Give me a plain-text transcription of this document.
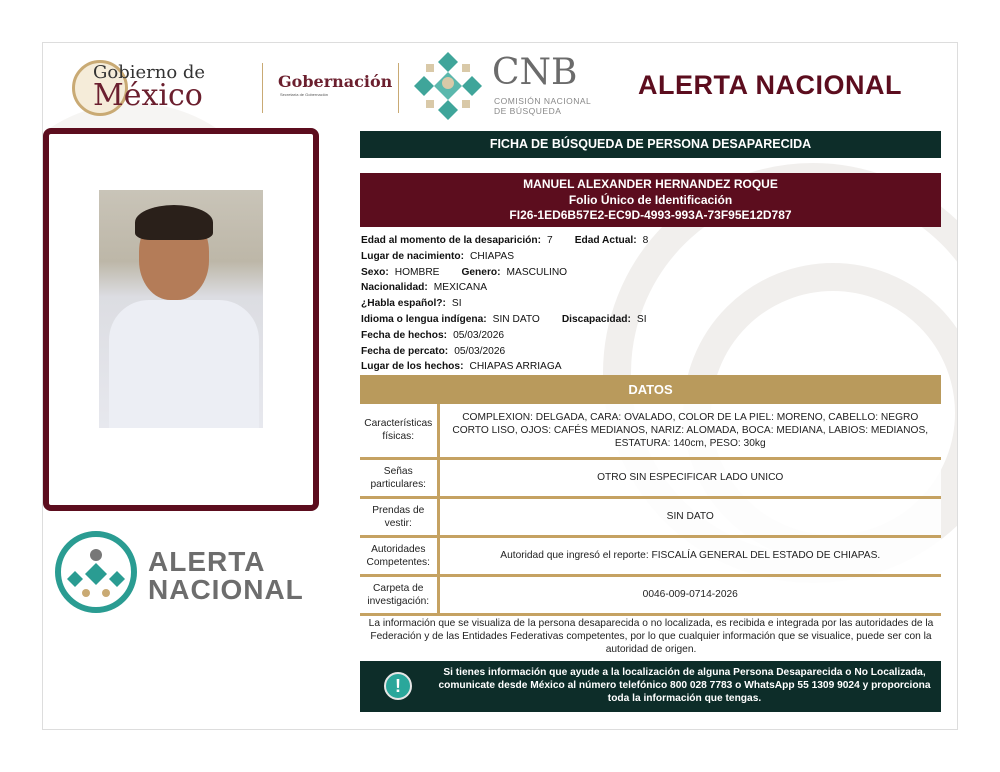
Gobierno de
México	Gobernación
Secretaría de Gobernación
CNB
COMISIÓN NACIONAL
DE BÚSQUEDA
ALERTA NACIONAL
ALERTA
NACIONAL
FICHA DE BÚSQUEDA DE PERSONA DESAPARECIDA
MANUEL ALEXANDER HERNANDEZ ROQUE
Folio Único de Identificación
FI26-1ED6B57E2-EC9D-4993-993A-73F95E12D787
Edad al momento de la desaparición: 7 Edad Actual: 8
Lugar de nacimiento: CHIAPAS
Sexo: HOMBRE Genero: MASCULINO
Nacionalidad: MEXICANA
¿Habla español?: SI
Idioma o lengua indígena: SIN DATO Discapacidad: SI
Fecha de hechos: 05/03/2026
Fecha de percato: 05/03/2026
Lugar de los hechos: CHIAPAS ARRIAGA
DATOS
Características físicas:	COMPLEXION: DELGADA, CARA: OVALADO, COLOR DE LA PIEL: MORENO, CABELLO: NEGRO CORTO LISO, OJOS: CAFÉS MEDIANOS, NARIZ: ALOMADA, BOCA: MEDIANA, LABIOS: MEDIANOS, ESTATURA: 140cm, PESO: 30kg
Señas particulares:	OTRO SIN ESPECIFICAR LADO UNICO
Prendas de vestir:	SIN DATO
Autoridades Competentes:	Autoridad que ingresó el reporte: FISCALÍA GENERAL DEL ESTADO DE CHIAPAS.
Carpeta de investigación:	0046-009-0714-2026
La información que se visualiza de la persona desaparecida o no localizada, es recibida e integrada por las autoridades de la Federación y de las Entidades Federativas competentes, por lo que cualquier información que se visualice, puede ser con la autoridad de origen.
Si tienes información que ayude a la localización de alguna Persona Desaparecida o No Localizada, comunicate desde México al número telefónico 800 028 7783 o WhatsApp 55 1309 9024 y proporciona toda la información que tengas.
!
